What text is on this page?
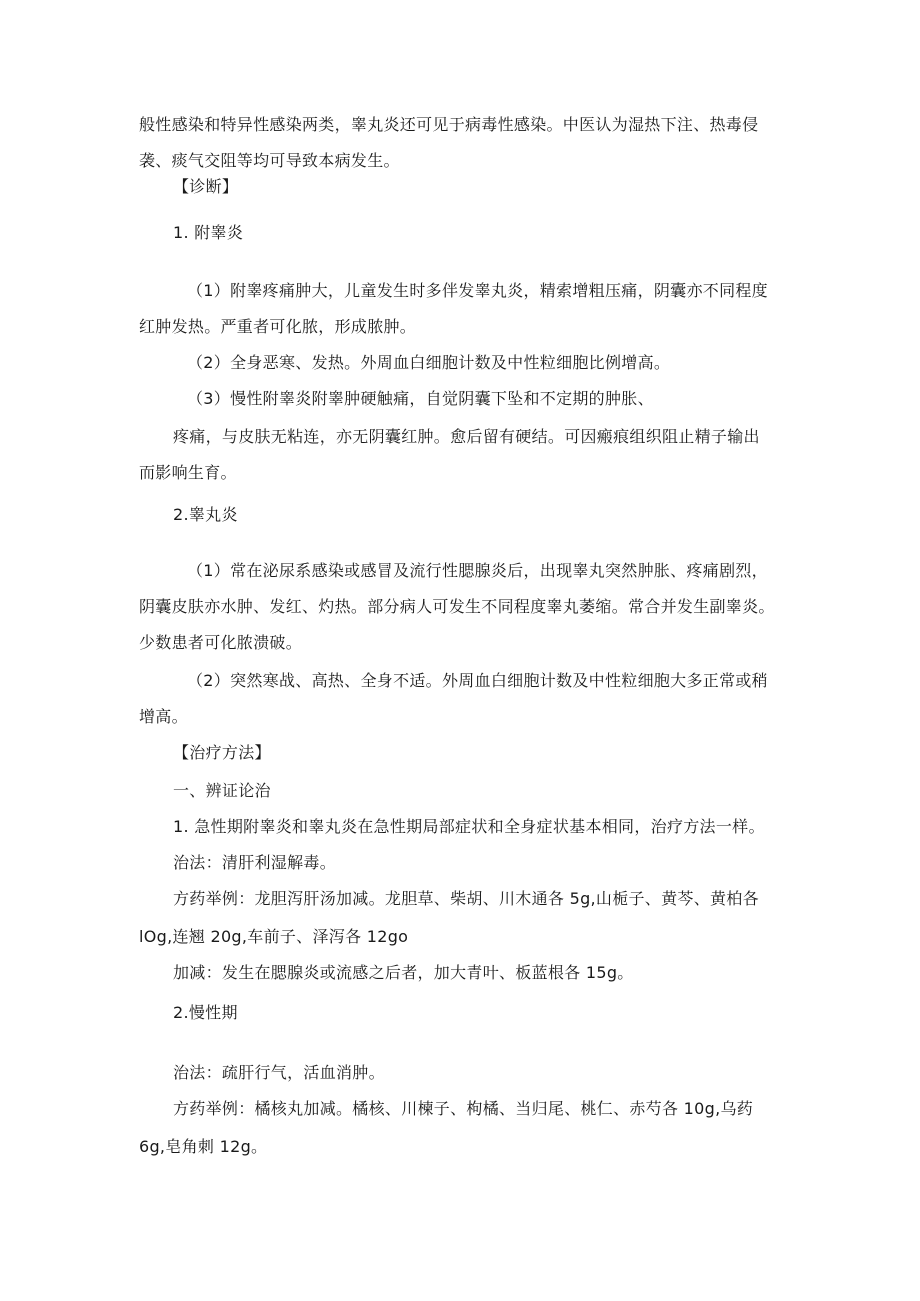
般性感染和特异性感染两类，睾丸炎还可见于病毒性感染。中医认为湿热下注、热毒侵
袭、痰气交阻等均可导致本病发生。
【诊断】
1. 附睾炎
（1）附睾疼痛肿大，儿童发生时多伴发睾丸炎，精索增粗压痛，阴囊亦不同程度
红肿发热。严重者可化脓，形成脓肿。
（2）全身恶寒、发热。外周血白细胞计数及中性粒细胞比例增高。
（3）慢性附睾炎附睾肿硬触痛，自觉阴囊下坠和不定期的肿胀、
疼痛，与皮肤无粘连，亦无阴囊红肿。愈后留有硬结。可因瘢痕组织阻止精子输出
而影响生育。
2.睾丸炎
（1）常在泌尿系感染或感冒及流行性腮腺炎后，出现睾丸突然肿胀、疼痛剧烈，
阴囊皮肤亦水肿、发红、灼热。部分病人可发生不同程度睾丸萎缩。常合并发生副睾炎。
少数患者可化脓溃破。
（2）突然寒战、高热、全身不适。外周血白细胞计数及中性粒细胞大多正常或稍
增高。
【治疗方法】
一、辨证论治
1. 急性期附睾炎和睾丸炎在急性期局部症状和全身症状基本相同，治疗方法一样。
治法：清肝利湿解毒。
方药举例：龙胆泻肝汤加减。龙胆草、柴胡、川木通各 5g,山栀子、黄芩、黄柏各
lOg,连翘 20g,车前子、泽泻各 12go
加减：发生在腮腺炎或流感之后者，加大青叶、板蓝根各 15g。
2.慢性期
治法：疏肝行气，活血消肿。
方药举例：橘核丸加减。橘核、川楝子、枸橘、当归尾、桃仁、赤芍各 10g,乌药
6g,皂角刺 12g。
